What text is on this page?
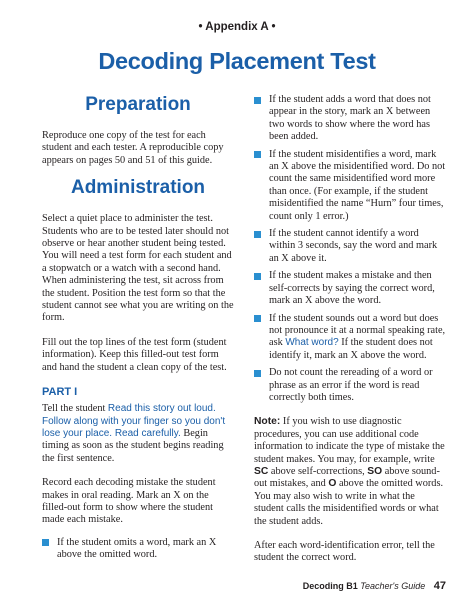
• Appendix A •
Decoding Placement Test
Preparation

Reproduce one copy of the test for each student and each tester. A reproducible copy appears on pages 50 and 51 of this guide.

Administration

Select a quiet place to administer the test. Students who are to be tested later should not observe or hear another student being tested. You will need a test form for each student and a stopwatch or a watch with a second hand. When administering the test, sit across from the student. Position the test form so that the student cannot see what you are writing on the form.

Fill out the top lines of the test form (student information). Keep this filled-out test form and hand the student a clean copy of the test.

PART I

Tell the student Read this story out loud. Follow along with your finger so you don't lose your place. Read carefully. Begin timing as soon as the student begins reading the first sentence.

Record each decoding mistake the student makes in oral reading. Mark an X on the filled-out form to show where the student made each mistake.

If the student omits a word, mark an X above the omitted word.
If the student adds a word that does not appear in the story, mark an X between two words to show where the word has been added.
If the student misidentifies a word, mark an X above the misidentified word. Do not count the same misidentified word more than once. (For example, if the student misidentified the name “Hurn” four times, count only 1 error.)
If the student cannot identify a word within 3 seconds, say the word and mark an X above it.
If the student makes a mistake and then self-corrects by saying the correct word, mark an X above the word.
If the student sounds out a word but does not pronounce it at a normal speaking rate, ask What word? If the student does not identify it, mark an X above the word.
Do not count the rereading of a word or phrase as an error if the word is read correctly both times.

Note: If you wish to use diagnostic procedures, you can use additional code information to indicate the type of mistake the student makes. You may, for example, write SC above self-corrections, SO above sound-out mistakes, and O above the omitted words. You may also wish to write in what the student calls the misidentified words or what the student adds.

After each word-identification error, tell the student the correct word.

Decoding B1 Teacher's Guide 47
